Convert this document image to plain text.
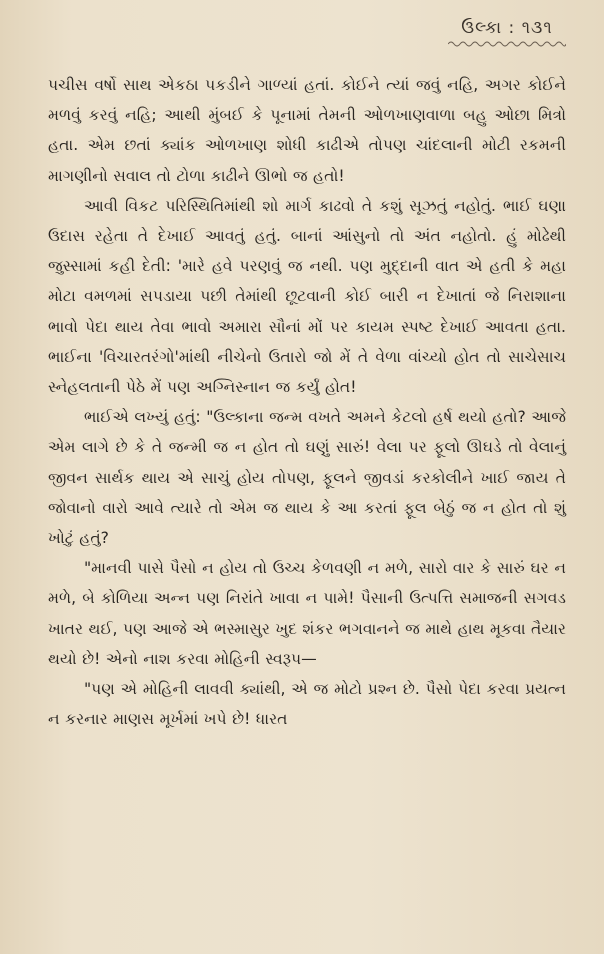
ઉલ્કા : ૧૩૧

પચીસ વર્ષો સાથ એકઠા પકડીને ગાળ્યાં હતાં. કોઈને ત્યાં જવું નહિ, અગર કોઈને મળવું કરવું નહિ; આથી મુંબઈ કે પૂનામાં તેમની ઓળખાણવાળા બહુ ઓછા મિત્રો હતા. એમ છતાં ક્યાંક ઓળખાણ શોધી કાઢીએ તોપણ ચાંદલાની મોટી રકમની માગણીનો સવાલ તો ટોળા કાઢીને ઊભો જ હતો!

આવી વિકટ પરિસ્થિતિમાંથી શો માર્ગ કાઢવો તે કશું સૂઝતું નહોતું. ભાઈ ઘણા ઉદાસ રહેતા તે દેખાઈ આવતું હતું. બાનાં આંસુનો તો અંત નહોતો. હું મોઢેથી જુસ્સામાં કહી દેતી: 'મારે હવે પરણવું જ નથી. પણ મુદ્દાની વાત એ હતી કે મહા મોટા વમળમાં સપડાયા પછી તેમાંથી છૂટવાની કોઈ બારી ન દેખાતાં જે નિરાશાના ભાવો પેદા થાય તેવા ભાવો અમારા સૌનાં મોં પર કાયમ સ્પષ્ટ દેખાઈ આવતા હતા. ભાઈના 'વિચારતરંગો'માંથી નીચેનો ઉતારો જો મેં તે વેળા વાંચ્યો હોત તો સાચેસાચ સ્નેહલતાની પેઠે મેં પણ અગ્નિસ્નાન જ કર્યું હોત!

ભાઈએ લખ્યું હતું: "ઉલ્કાના જન્મ વખતે અમને કેટલો હર્ષ થયો હતો? આજે એમ લાગે છે કે તે જન્મી જ ન હોત તો ઘણું સારું! વેલા પર ફૂલો ઊઘડે તો વેલાનું જીવન સાર્થક થાય એ સાચું હોય તોપણ, ફૂલને જીવડાં કરકોલીને ખાઈ જાય તે જોવાનો વારો આવે ત્યારે તો એમ જ થાય કે આ કરતાં ફૂલ બેઠું જ ન હોત તો શું ખોટું હતું?

"માનવી પાસે પૈસો ન હોય તો ઉચ્ચ કેળવણી ન મળે, સારો વાર કે સારું ઘર ન મળે, બે કોળિયા અન્ન પણ નિરાંતે ખાવા ન પામે! પૈસાની ઉત્પત્તિ સમાજની સગવડ ખાતર થઈ, પણ આજે એ ભસ્માસુર ખુદ શંકર ભગવાનને જ માથે હાથ મૂકવા તૈયાર થયો છે! એનો નાશ કરવા મોહિની સ્વરૂપ—

"પણ એ મોહિની લાવવી ક્યાંથી, એ જ મોટો પ્રશ્ન છે. પૈસો પેદા કરવા પ્રયત્ન ન કરનાર માણસ મૂર્ખમાં ખપે છે! ધારત
